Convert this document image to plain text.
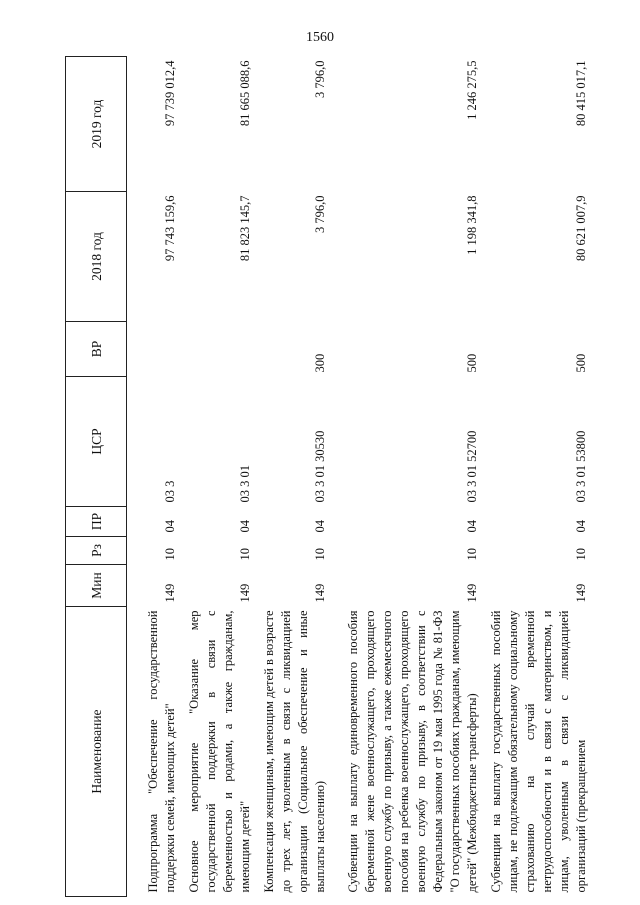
1560
Наименование	Мин	Рз	ПР	ЦСР	ВР	2018 год	2019 год
Подпрограмма "Обеспечение государственной поддержки семей, имеющих детей"	149	10	04	03 3		97 743 159,6	97 739 012,4
Основное мероприятие "Оказание мер государственной поддержки в связи с беременностью и родами, а также гражданам, имеющим детей"	149	10	04	03 3 01		81 823 145,7	81 665 088,6
Компенсация женщинам, имеющим детей в возрасте до трех лет, уволенным в связи с ликвидацией организации (Социальное обеспечение и иные выплаты населению)	149	10	04	03 3 01 30530	300	3 796,0	3 796,0
Субвенции на выплату единовременного пособия беременной жене военнослужащего, проходящего военную службу по призыву, а также ежемесячного пособия на ребенка военнослужащего, проходящего военную службу по призыву, в соответствии с Федеральным законом от 19 мая 1995 года № 81-ФЗ "О государственных пособиях гражданам, имеющим детей" (Межбюджетные трансферты)	149	10	04	03 3 01 52700	500	1 198 341,8	1 246 275,5
Субвенции на выплату государственных пособий лицам, не подлежащим обязательному социальному страхованию на случай временной нетрудоспособности и в связи с материнством, и лицам, уволенным в связи с ликвидацией организаций (прекращением	149	10	04	03 3 01 53800	500	80 621 007,9	80 415 017,1
